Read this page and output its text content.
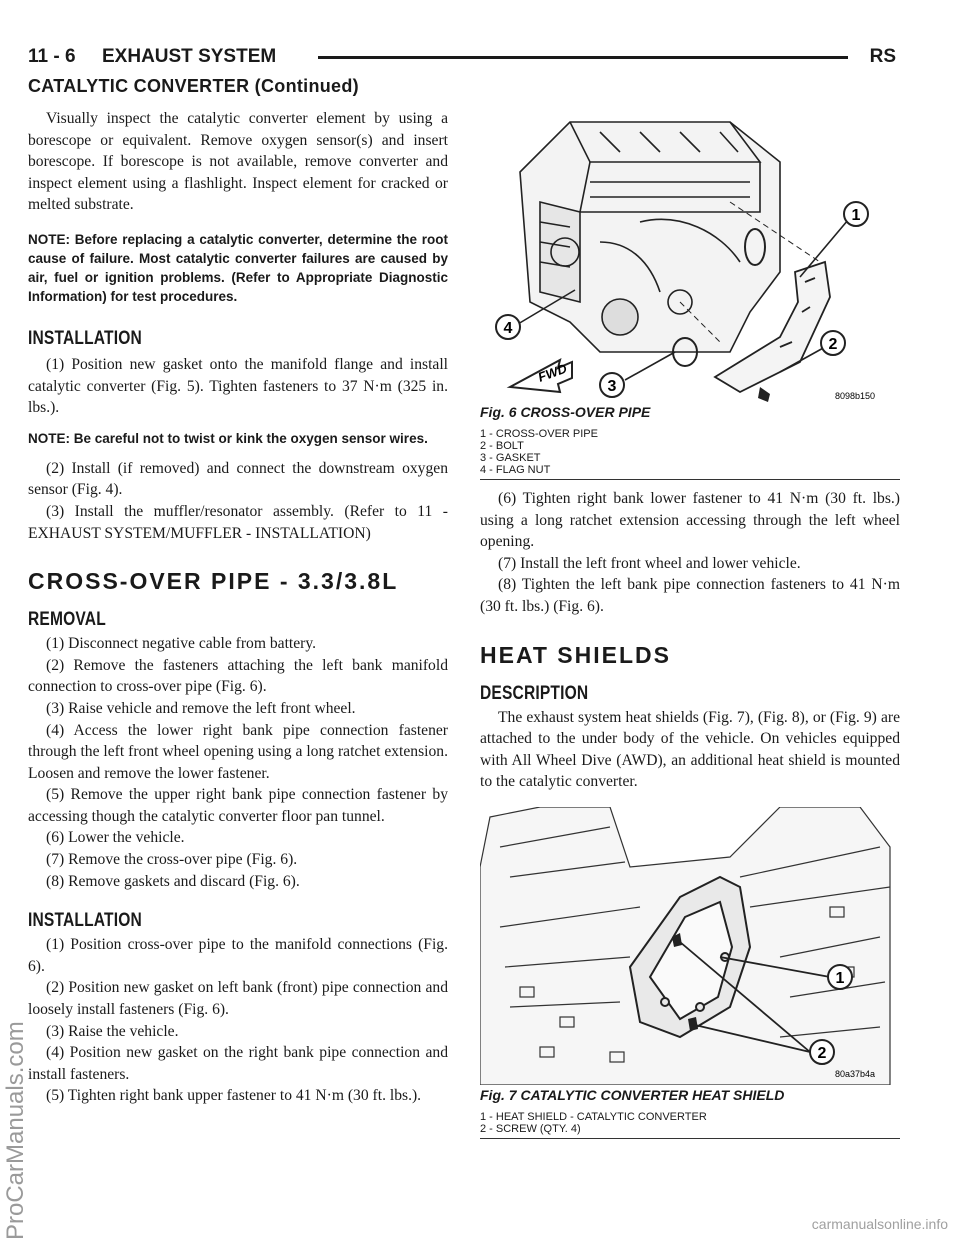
11 - 6 EXHAUST SYSTEM	RS
CATALYTIC CONVERTER (Continued)

Visually inspect the catalytic converter element by using a borescope or equivalent. Remove oxygen sensor(s) and insert borescope. If borescope is not available, remove converter and inspect element using a flashlight. Inspect element for cracked or melted substrate.

NOTE: Before replacing a catalytic converter, determine the root cause of failure. Most catalytic converter failures are caused by air, fuel or ignition problems. (Refer to Appropriate Diagnostic Information) for test procedures.
INSTALLATION

(1) Position new gasket onto the manifold flange and install catalytic converter (Fig. 5). Tighten fasteners to 37 N·m (325 in. lbs.).

NOTE: Be careful not to twist or kink the oxygen sensor wires.

(2) Install (if removed) and connect the downstream oxygen sensor (Fig. 4).

(3) Install the muffler/resonator assembly. (Refer to 11 - EXHAUST SYSTEM/MUFFLER - INSTALLATION)

CROSS-OVER PIPE - 3.3/3.8L
REMOVAL

(1) Disconnect negative cable from battery.

(2) Remove the fasteners attaching the left bank manifold connection to cross-over pipe (Fig. 6).

(3) Raise vehicle and remove the left front wheel.

(4) Access the lower right bank pipe connection fastener through the left front wheel opening using a long ratchet extension. Loosen and remove the lower fastener.

(5) Remove the upper right bank pipe connection fastener by accessing though the catalytic converter floor pan tunnel.

(6) Lower the vehicle.

(7) Remove the cross-over pipe (Fig. 6).

(8) Remove gaskets and discard (Fig. 6).

INSTALLATION

(1) Position cross-over pipe to the manifold connections (Fig. 6).

(2) Position new gasket on left bank (front) pipe connection and loosely install fasteners (Fig. 6).

(3) Raise the vehicle.

(4) Position new gasket on the right bank pipe connection and install fasteners.

(5) Tighten right bank upper fastener to 41 N·m (30 ft. lbs.).

1
2
3
4
FWD
8098b150
Fig. 6 CROSS-OVER PIPE
1 - CROSS-OVER PIPE
2 - BOLT
3 - GASKET
4 - FLAG NUT

(6) Tighten right bank lower fastener to 41 N·m (30 ft. lbs.) using a long ratchet extension accessing through the left wheel opening.

(7) Install the left front wheel and lower vehicle.

(8) Tighten the left bank pipe connection fasteners to 41 N·m (30 ft. lbs.) (Fig. 6).

HEAT SHIELDS
DESCRIPTION

The exhaust system heat shields (Fig. 7), (Fig. 8), or (Fig. 9) are attached to the under body of the vehicle. On vehicles equipped with All Wheel Dive (AWD), an additional heat shield is mounted to the catalytic converter.

1
2
80a37b4a
Fig. 7 CATALYTIC CONVERTER HEAT SHIELD
1 - HEAT SHIELD - CATALYTIC CONVERTER
2 - SCREW (QTY. 4)
ProCarManuals.com	carmanualsonline.info
